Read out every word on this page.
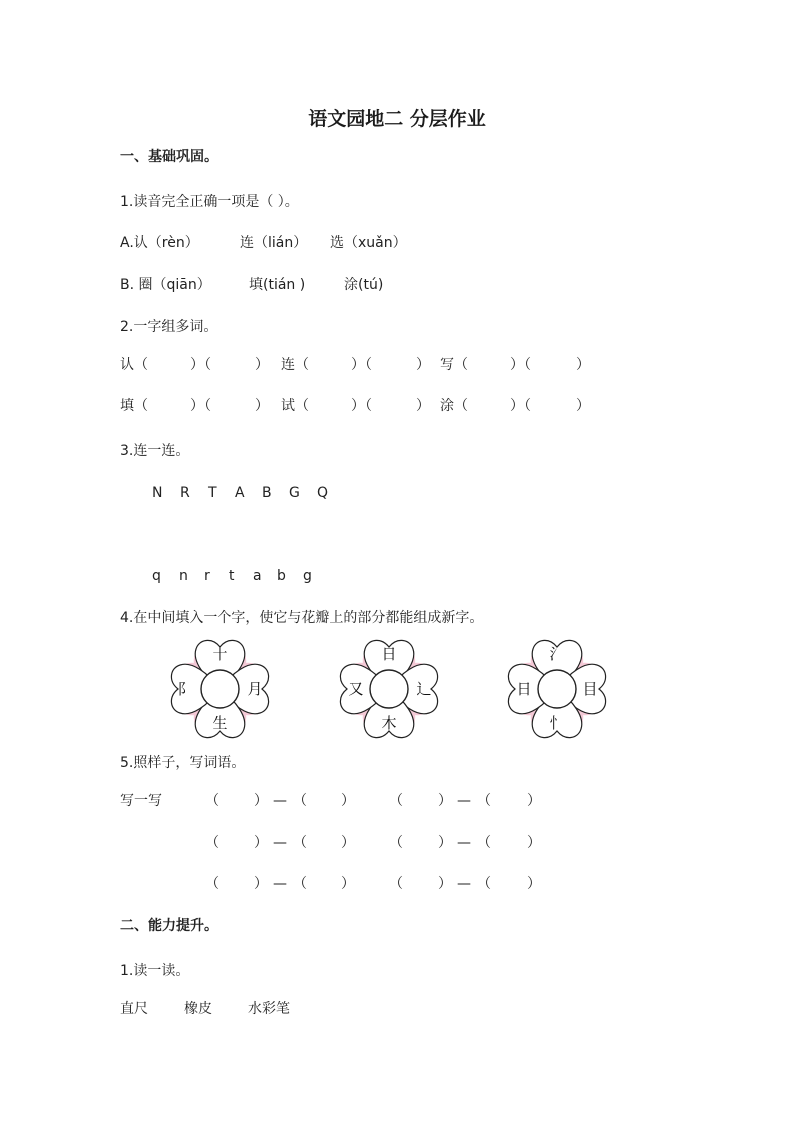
语文园地二 分层作业
一、基础巩固。
1.读音完全正确一项是（ ）。
A.认（rèn）	连（lián） 选（xuǎn）
B. 圈（qiān）	填(tián )	涂(tú)
2.一字组多词。
认（	）（	） 连（	）（	） 写（	）（	）
填（	）（	） 试（	）（	） 涂（	）（	）
3.连一连。
N R T A B G Q
q n r t a b g
4.在中间填入一个字，使它与花瓣上的部分都能组成新字。
十
阝	月
生
日
又	辶
木
氵
日	目
忄
5.照样子，写词语。
写一写	（	） — （ ） （	） — （	）
（	） — （ ） （	） — （	）
（	） — （ ） （	） — （	）
二、能力提升。
1.读一读。
直尺	橡皮	水彩笔
